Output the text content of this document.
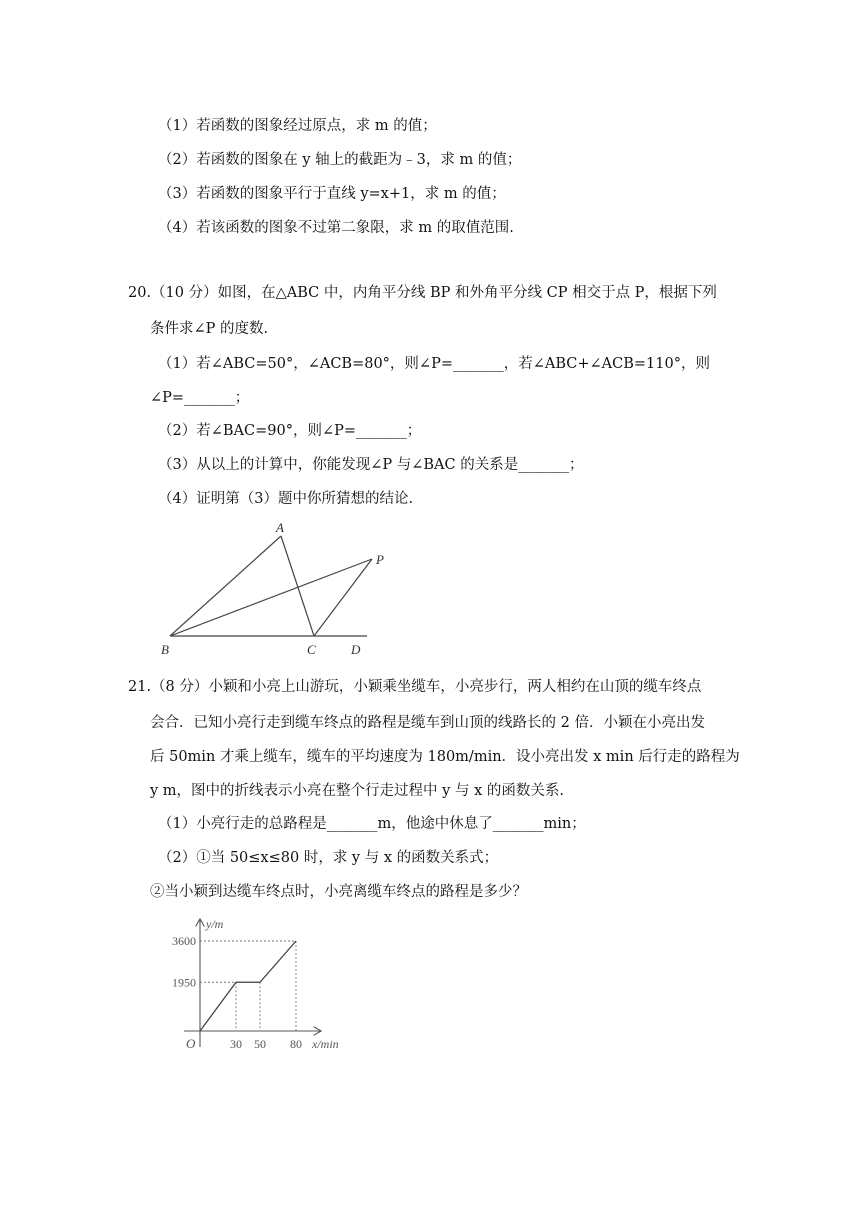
（1）若函数的图象经过原点，求 m 的值；
（2）若函数的图象在 y 轴上的截距为﹣3，求 m 的值；
（3）若函数的图象平行于直线 y=x+1，求 m 的值；
（4）若该函数的图象不过第二象限，求 m 的取值范围.
20.（10 分）如图，在△ABC 中，内角平分线 BP 和外角平分线 CP 相交于点 P，根据下列
条件求∠P 的度数.
（1）若∠ABC=50°，∠ACB=80°，则∠P=_______，若∠ABC+∠ACB=110°，则
∠P=_______；
（2）若∠BAC=90°，则∠P=_______；
（3）从以上的计算中，你能发现∠P 与∠BAC 的关系是_______；
（4）证明第（3）题中你所猜想的结论.
A
B	C	D
P
21.（8 分）小颖和小亮上山游玩，小颖乘坐缆车，小亮步行，两人相约在山顶的缆车终点
会合．已知小亮行走到缆车终点的路程是缆车到山顶的线路长的 2 倍．小颖在小亮出发
后 50min 才乘上缆车，缆车的平均速度为 180m/min．设小亮出发 x min 后行走的路程为
y m，图中的折线表示小亮在整个行走过程中 y 与 x 的函数关系.
（1）小亮行走的总路程是_______m，他途中休息了_______min；
（2）①当 50≤x≤80 时，求 y 与 x 的函数关系式；
②当小颖到达缆车终点时，小亮离缆车终点的路程是多少？
y/m
x/min
O	30 50 80
1950
3600
